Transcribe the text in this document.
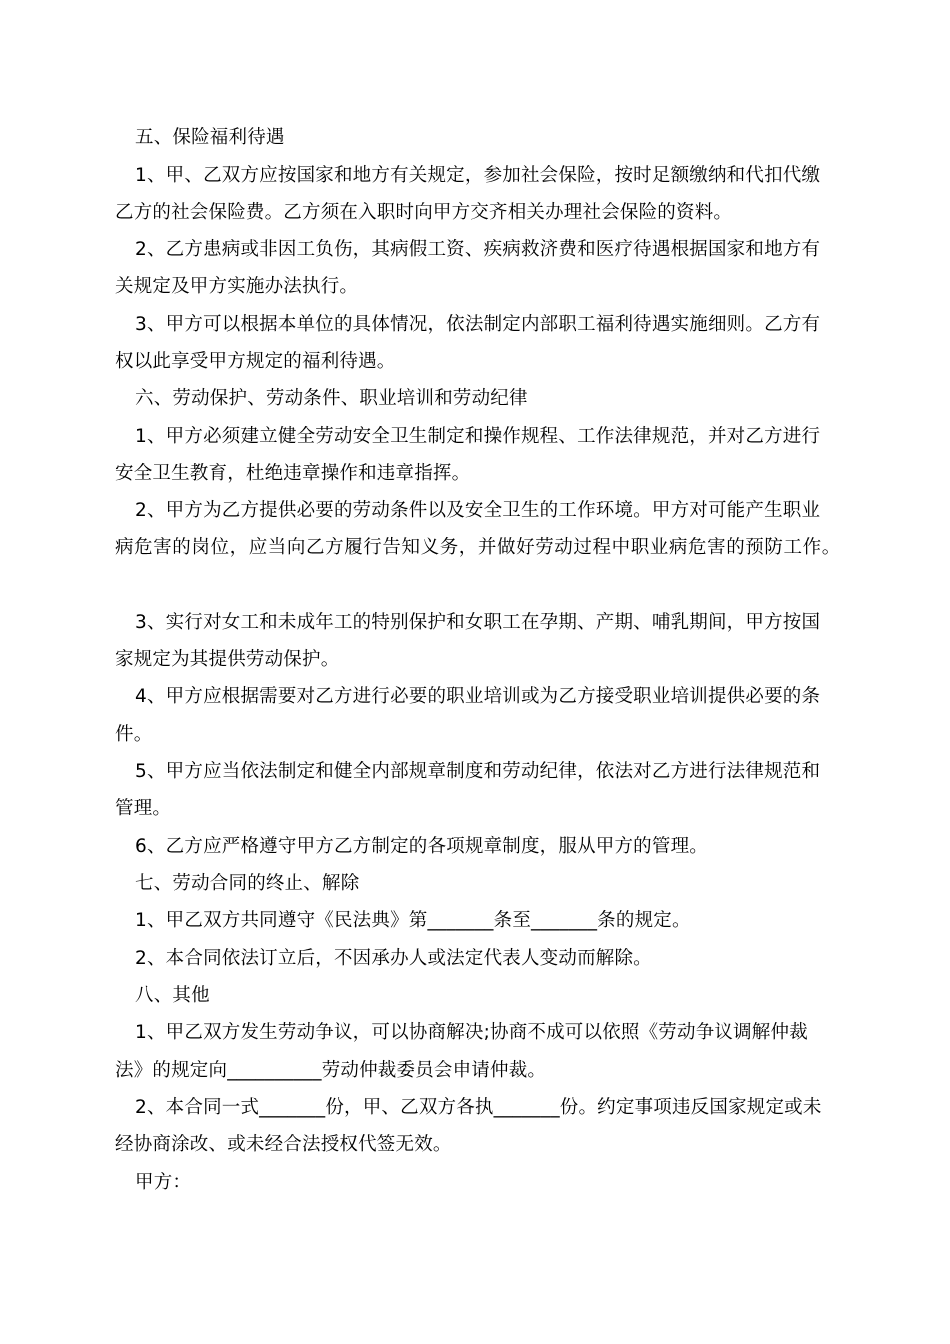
五、保险福利待遇
1、甲、乙双方应按国家和地方有关规定，参加社会保险，按时足额缴纳和代扣代缴
乙方的社会保险费。乙方须在入职时向甲方交齐相关办理社会保险的资料。
2、乙方患病或非因工负伤，其病假工资、疾病救济费和医疗待遇根据国家和地方有
关规定及甲方实施办法执行。
3、甲方可以根据本单位的具体情况，依法制定内部职工福利待遇实施细则。乙方有
权以此享受甲方规定的福利待遇。
六、劳动保护、劳动条件、职业培训和劳动纪律
1、甲方必须建立健全劳动安全卫生制定和操作规程、工作法律规范，并对乙方进行
安全卫生教育，杜绝违章操作和违章指挥。
2、甲方为乙方提供必要的劳动条件以及安全卫生的工作环境。甲方对可能产生职业
病危害的岗位，应当向乙方履行告知义务，并做好劳动过程中职业病危害的预防工作。
3、实行对女工和未成年工的特别保护和女职工在孕期、产期、哺乳期间，甲方按国
家规定为其提供劳动保护。
4、甲方应根据需要对乙方进行必要的职业培训或为乙方接受职业培训提供必要的条
件。
5、甲方应当依法制定和健全内部规章制度和劳动纪律，依法对乙方进行法律规范和
管理。
6、乙方应严格遵守甲方乙方制定的各项规章制度，服从甲方的管理。
七、劳动合同的终止、解除
1、甲乙双方共同遵守《民法典》第_______条至_______条的规定。
2、本合同依法订立后，不因承办人或法定代表人变动而解除。
八、其他
1、甲乙双方发生劳动争议，可以协商解决;协商不成可以依照《劳动争议调解仲裁
法》的规定向__________劳动仲裁委员会申请仲裁。
2、本合同一式_______份，甲、乙双方各执_______份。约定事项违反国家规定或未
经协商涂改、或未经合法授权代签无效。
甲方：
